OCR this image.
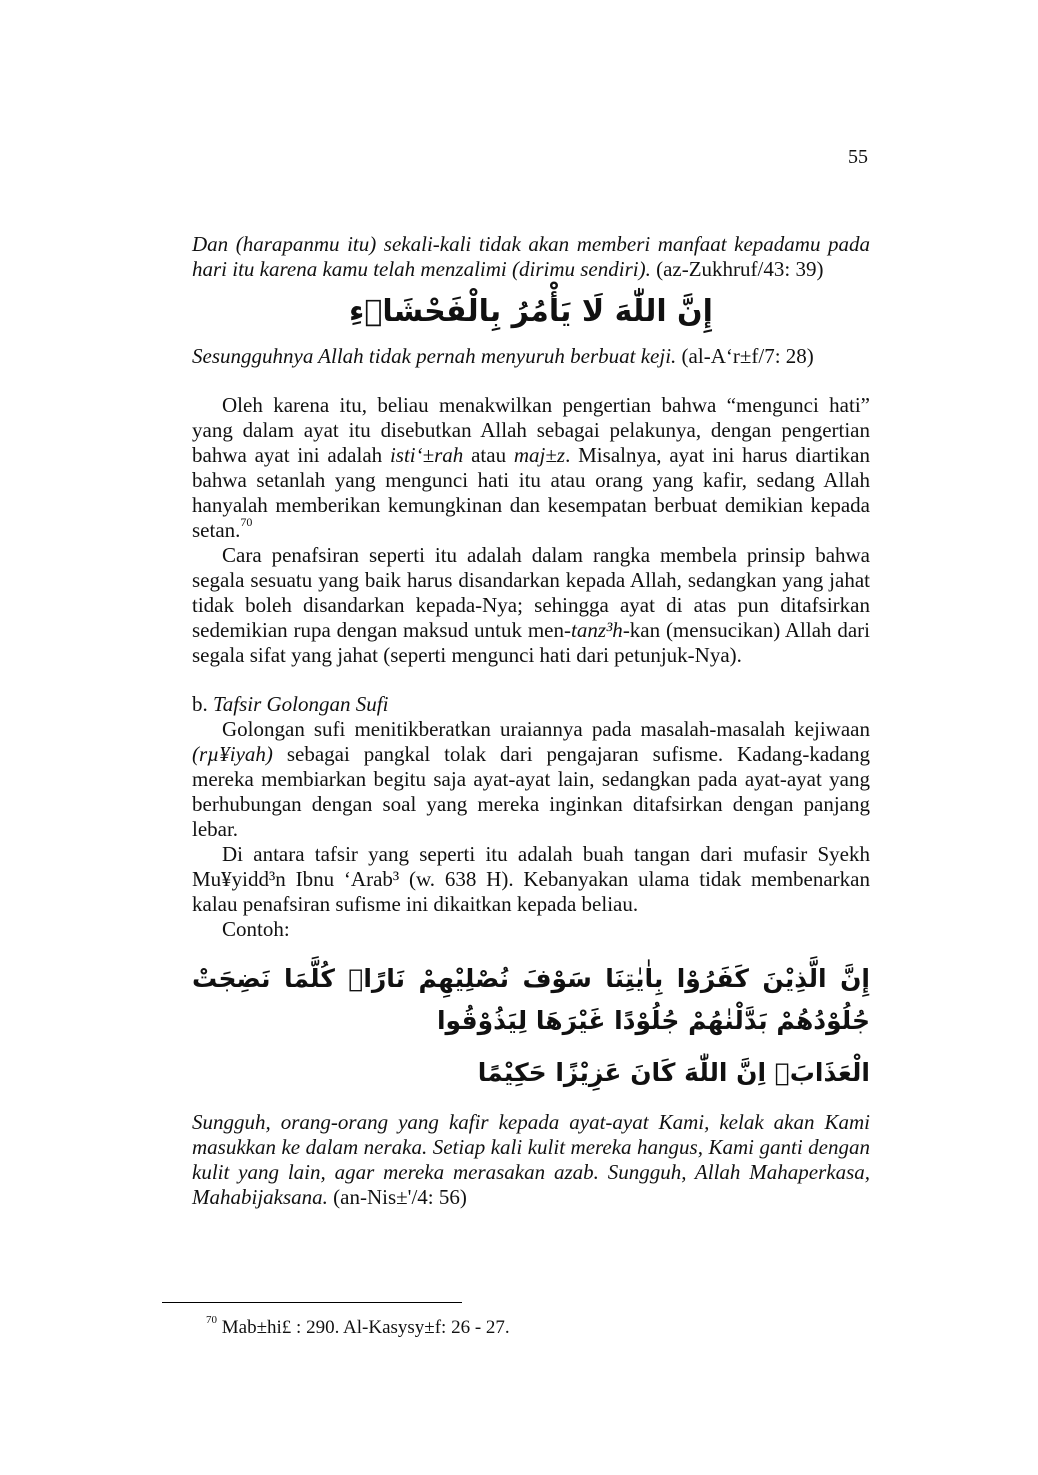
55

Dan (harapanmu itu) sekali-kali tidak akan memberi manfaat kepadamu pada hari itu karena kamu telah menzalimi (dirimu sendiri). (az-Zukhruf/43: 39)

إِنَّ اللّٰهَ لَا يَأْمُرُ بِالْفَحْشَاۤءِ

Sesungguhnya Allah tidak pernah menyuruh berbuat keji. (al-A‘r±f/7: 28)

Oleh karena itu, beliau menakwilkan pengertian bahwa “mengunci hati” yang dalam ayat itu disebutkan Allah sebagai pelakunya, dengan pengertian bahwa ayat ini adalah isti‘±rah atau maj±z. Misalnya, ayat ini harus diartikan bahwa setanlah yang mengunci hati itu atau orang yang kafir, sedang Allah hanyalah memberikan kemungkinan dan kesempatan berbuat demikian kepada setan.$^{70}$

Cara penafsiran seperti itu adalah dalam rangka membela prinsip bahwa segala sesuatu yang baik harus disandarkan kepada Allah, sedangkan yang jahat tidak boleh disandarkan kepada-Nya; sehingga ayat di atas pun ditafsirkan sedemikian rupa dengan maksud untuk men-tanz³h-kan (mensucikan) Allah dari segala sifat yang jahat (seperti mengunci hati dari petunjuk-Nya).

b. Tafsir Golongan Sufi

Golongan sufi menitikberatkan uraiannya pada masalah-masalah kejiwaan (rµ¥iyah) sebagai pangkal tolak dari pengajaran sufisme. Kadang-kadang mereka membiarkan begitu saja ayat-ayat lain, sedangkan pada ayat-ayat yang berhubungan dengan soal yang mereka inginkan ditafsirkan dengan panjang lebar.

Di antara tafsir yang seperti itu adalah buah tangan dari mufasir Syekh Mu¥yidd³n Ibnu ‘Arab³ (w. 638 H). Kebanyakan ulama tidak membenarkan kalau penafsiran sufisme ini dikaitkan kepada beliau.

Contoh:

إِنَّ الَّذِيْنَ كَفَرُوْا بِاٰيٰتِنَا سَوْفَ نُصْلِيْهِمْ نَارًاۗ كُلَّمَا نَضِجَتْ جُلُوْدُهُمْ بَدَّلْنٰهُمْ جُلُوْدًا غَيْرَهَا لِيَذُوْقُوا
الْعَذَابَۗ اِنَّ اللّٰهَ كَانَ عَزِيْزًا حَكِيْمًا

Sungguh, orang-orang yang kafir kepada ayat-ayat Kami, kelak akan Kami masukkan ke dalam neraka. Setiap kali kulit mereka hangus, Kami ganti dengan kulit yang lain, agar mereka merasakan azab. Sungguh, Allah Mahaperkasa, Mahabijaksana. (an-Nis±'/4: 56)

$^{70}$ Mab±hi£ : 290. Al-Kasysy±f: 26 - 27.
